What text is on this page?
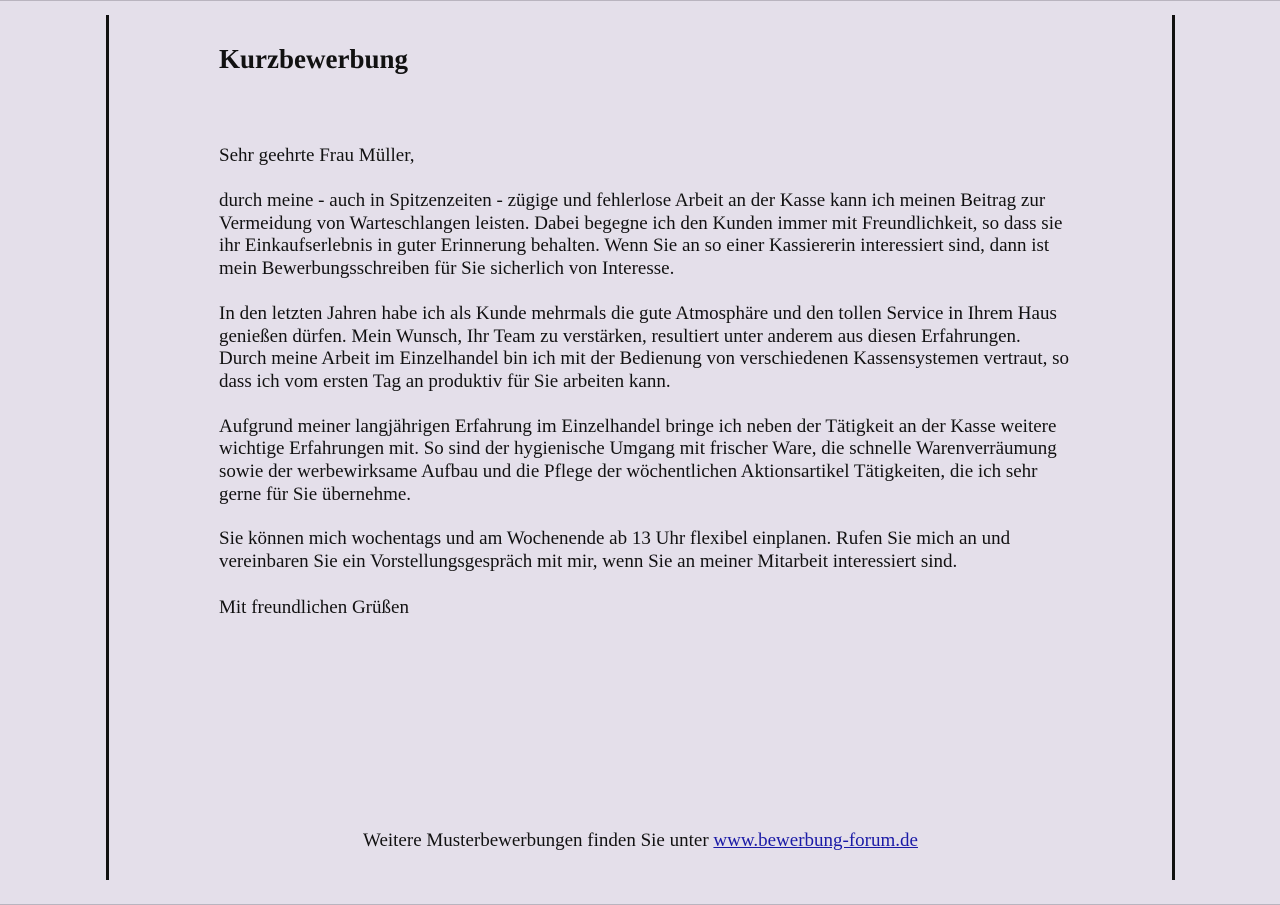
Kurzbewerbung

Sehr geehrte Frau Müller,

durch meine - auch in Spitzenzeiten - zügige und fehlerlose Arbeit an der Kasse kann ich meinen Beitrag zur Vermeidung von Warteschlangen leisten. Dabei begegne ich den Kunden immer mit Freundlichkeit, so dass sie ihr Einkaufserlebnis in guter Erinnerung behalten. Wenn Sie an so einer Kassiererin interessiert sind, dann ist mein Bewerbungsschreiben für Sie sicherlich von Interesse.

In den letzten Jahren habe ich als Kunde mehrmals die gute Atmosphäre und den tollen Service in Ihrem Haus genießen dürfen. Mein Wunsch, Ihr Team zu verstärken, resultiert unter anderem aus diesen Erfahrungen. Durch meine Arbeit im Einzelhandel bin ich mit der Bedienung von verschiedenen Kassensystemen vertraut, so dass ich vom ersten Tag an produktiv für Sie arbeiten kann.

Aufgrund meiner langjährigen Erfahrung im Einzelhandel bringe ich neben der Tätigkeit an der Kasse weitere wichtige Erfahrungen mit. So sind der hygienische Umgang mit frischer Ware, die schnelle Warenverräumung sowie der werbewirksame Aufbau und die Pflege der wöchentlichen Aktionsartikel Tätigkeiten, die ich sehr gerne für Sie übernehme.

Sie können mich wochentags und am Wochenende ab 13 Uhr flexibel einplanen. Rufen Sie mich an und vereinbaren Sie ein Vorstellungsgespräch mit mir, wenn Sie an meiner Mitarbeit interessiert sind.

Mit freundlichen Grüßen

Weitere Musterbewerbungen finden Sie unter www.bewerbung-forum.de
